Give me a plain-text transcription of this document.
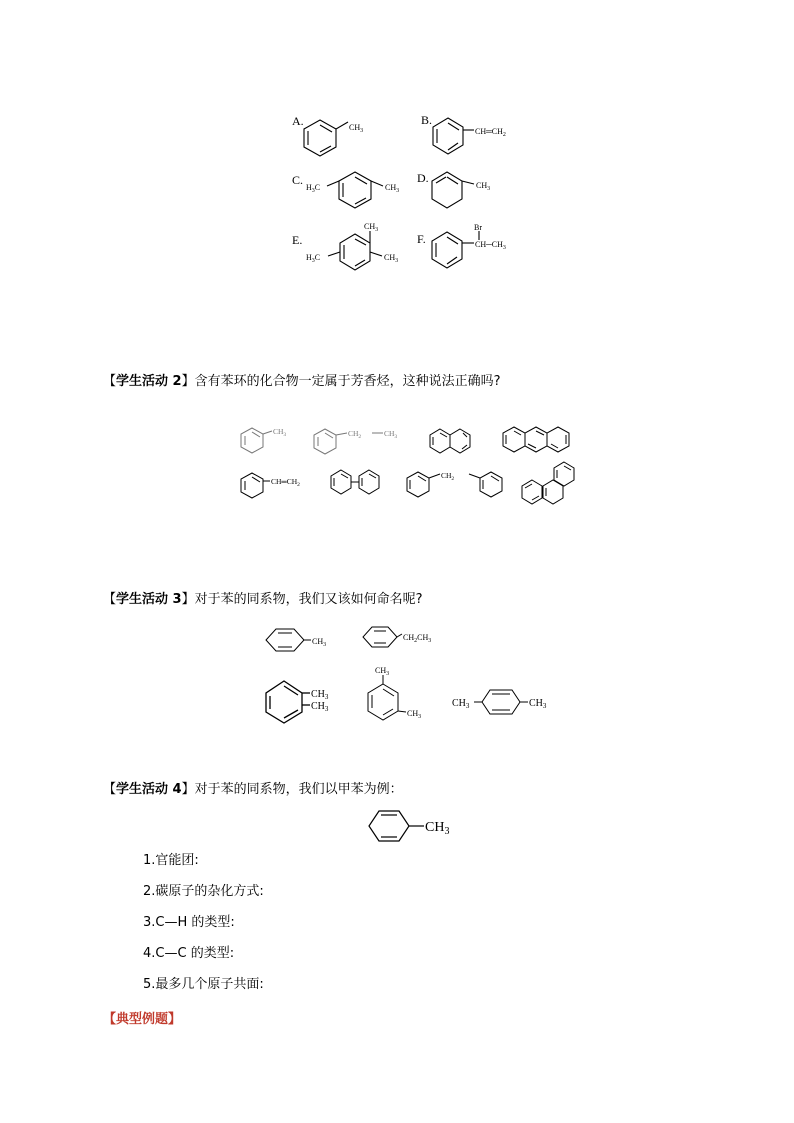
A.	B.
C.	D.
E.	F.
$CH_3$	$CH═CH_2$
$H_3C$	$CH_3$
$CH_3$
$CH_3$
$H_3C$	$CH_3$
Br
$CH─CH_3$
【学生活动 2】含有苯环的化合物一定属于芳香烃，这种说法正确吗?
$CH_3$	$CH_2$	$CH_3$
$CH═CH_2$
$CH_2$
【学生活动 3】对于苯的同系物，我们又该如何命名呢?
$CH_3$
$CH_2CH_3$
$CH_3$
$CH_3$
$CH_3$
$CH_3$
$CH_3$	$CH_3$
【学生活动 4】对于苯的同系物，我们以甲苯为例：
$CH_3$
1.官能团:
2.碳原子的杂化方式:
3.C—H 的类型:
4.C—C 的类型:
5.最多几个原子共面:
【典型例题】
